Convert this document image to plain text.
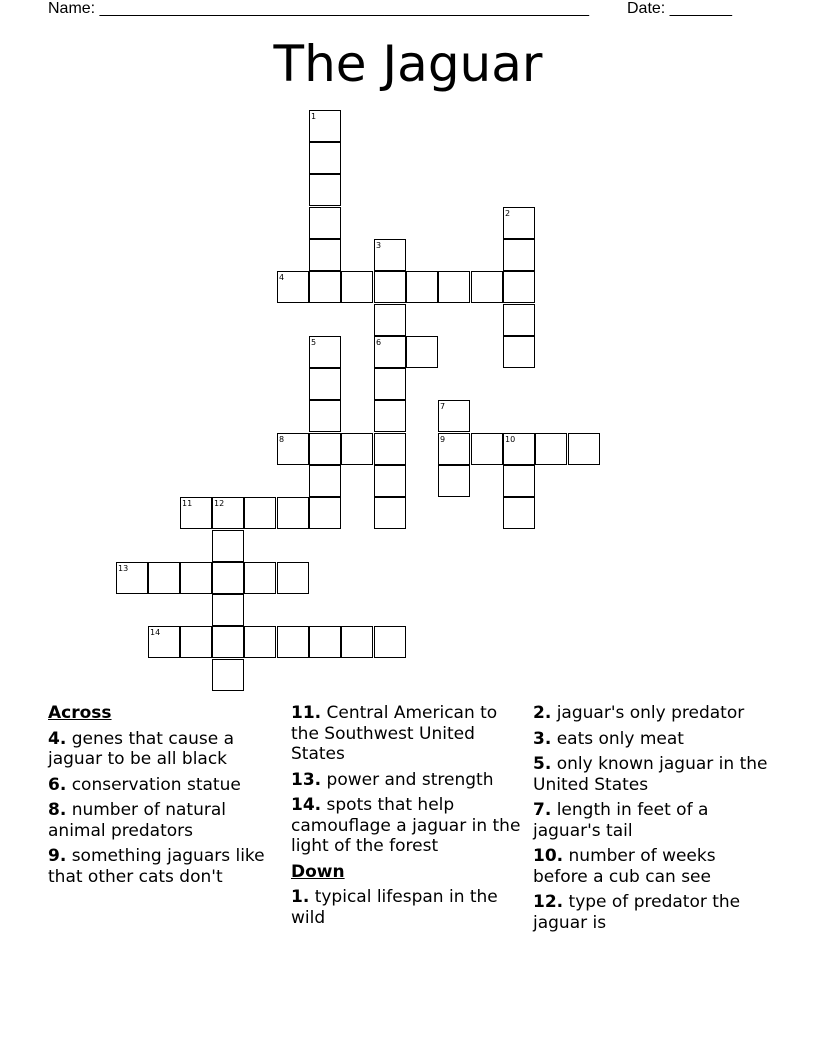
Name: _______________________________________________________ Date: _______
The Jaguar
1
2
3
4
5	6
7
8	9	10
11	12
13
14
Across
4. genes that cause a jaguar to be all black
6. conservation statue
8. number of natural animal predators
9. something jaguars like that other cats don't
11. Central American to the Southwest United States
13. power and strength
14. spots that help camouflage a jaguar in the light of the forest
Down
1. typical lifespan in the wild
2. jaguar's only predator
3. eats only meat
5. only known jaguar in the United States
7. length in feet of a jaguar's tail
10. number of weeks before a cub can see
12. type of predator the jaguar is
